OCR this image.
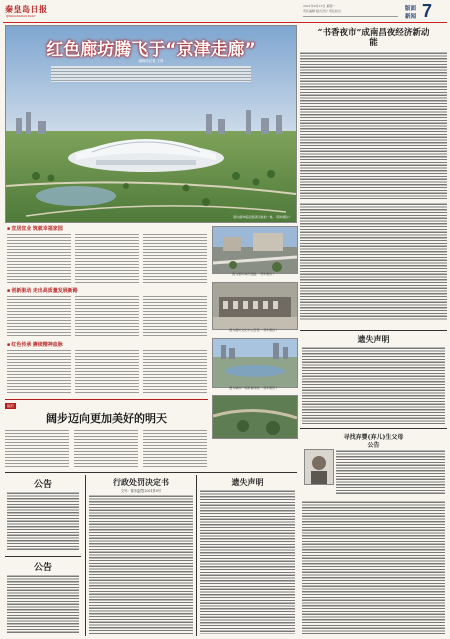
秦皇岛日报
QINHUANGDAO DAILY
2021年9月13日 星期一
责任编辑 版式设计 责任校对	版面
新闻 7
红色廊坊腾飞于“京津走廊”
融媒体记者 王博
图为廊坊临空经济区航拍一角。（资料图片）
“书香夜市”成南昌夜经济新动能
■ 宜居宜业 筑就幸福家园
■ 创新驱动 走出高质量发展新路
■ 红色传承 赓续精神血脉
图为廊坊城市道路。（资料图片）
图为廊坊文化中心夜景。（资料图片）
图为城市广场游客休闲。（资料图片）
遗失声明
寻找弃婴(弃儿)生父母
公告
编后
阔步迈向更加美好的明天
公告
公告
行政处罚决定书
文号：秦市监罚[2021]10号
遗失声明
